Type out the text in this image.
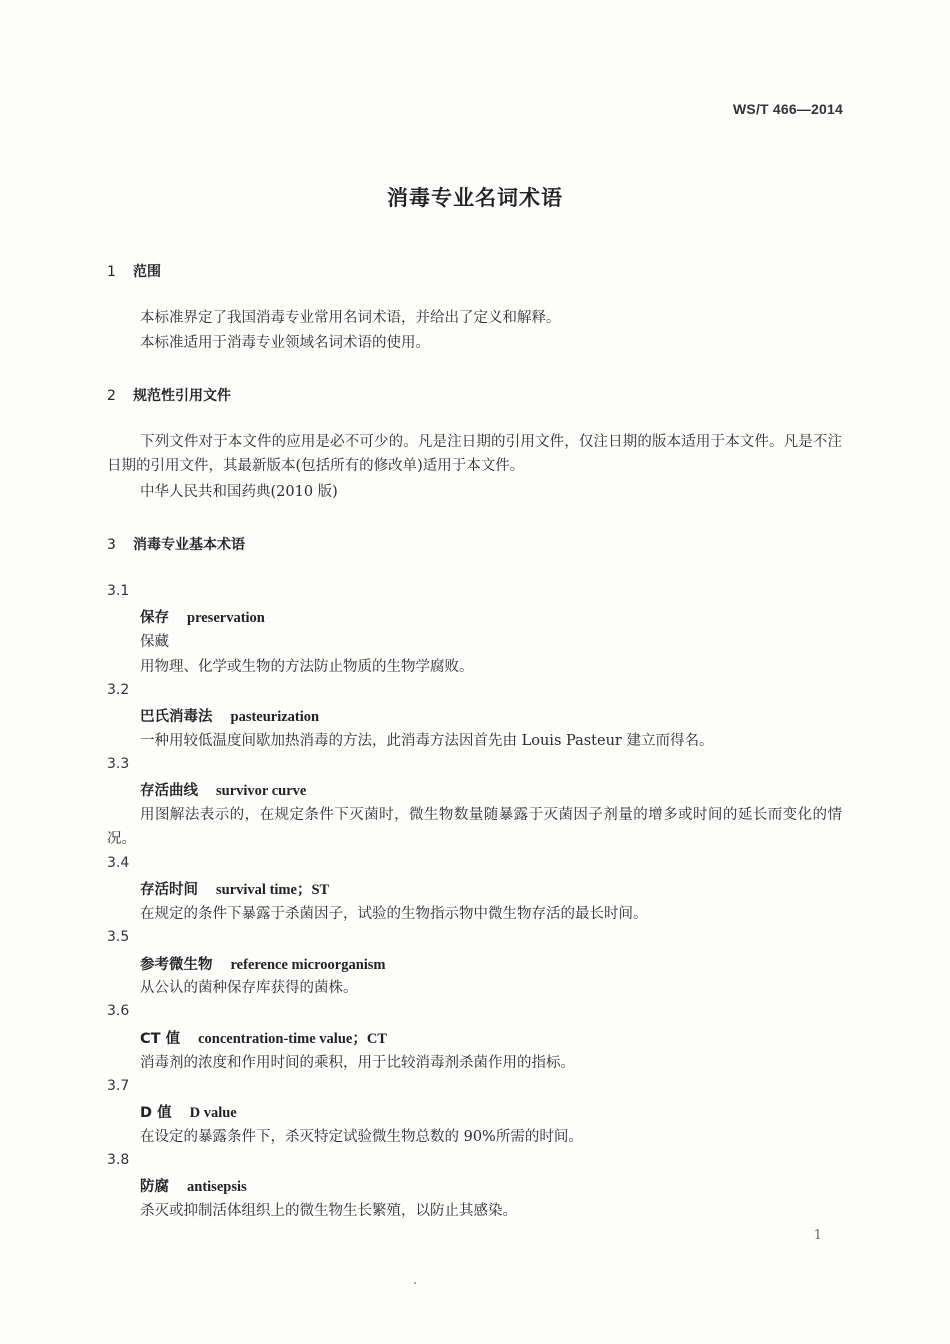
WS/T 466—2014
消毒专业名词术语
1 范围
本标准界定了我国消毒专业常用名词术语，并给出了定义和解释。
本标准适用于消毒专业领域名词术语的使用。
2 规范性引用文件
下列文件对于本文件的应用是必不可少的。凡是注日期的引用文件，仅注日期的版本适用于本文件。凡是不注日期的引用文件，其最新版本(包括所有的修改单)适用于本文件。
中华人民共和国药典(2010 版)
3 消毒专业基本术语
3.1
保存 preservation
保藏
用物理、化学或生物的方法防止物质的生物学腐败。
3.2
巴氏消毒法 pasteurization
一种用较低温度间歇加热消毒的方法，此消毒方法因首先由 Louis Pasteur 建立而得名。
3.3
存活曲线 survivor curve
用图解法表示的，在规定条件下灭菌时，微生物数量随暴露于灭菌因子剂量的增多或时间的延长而变化的情况。
3.4
存活时间 survival time；ST
在规定的条件下暴露于杀菌因子，试验的生物指示物中微生物存活的最长时间。
3.5
参考微生物 reference microorganism
从公认的菌种保存库获得的菌株。
3.6
CT 值 concentration-time value；CT
消毒剂的浓度和作用时间的乘积，用于比较消毒剂杀菌作用的指标。
3.7
D 值 D value
在设定的暴露条件下，杀灭特定试验微生物总数的 90%所需的时间。
3.8
防腐 antisepsis
杀灭或抑制活体组织上的微生物生长繁殖，以防止其感染。
1
